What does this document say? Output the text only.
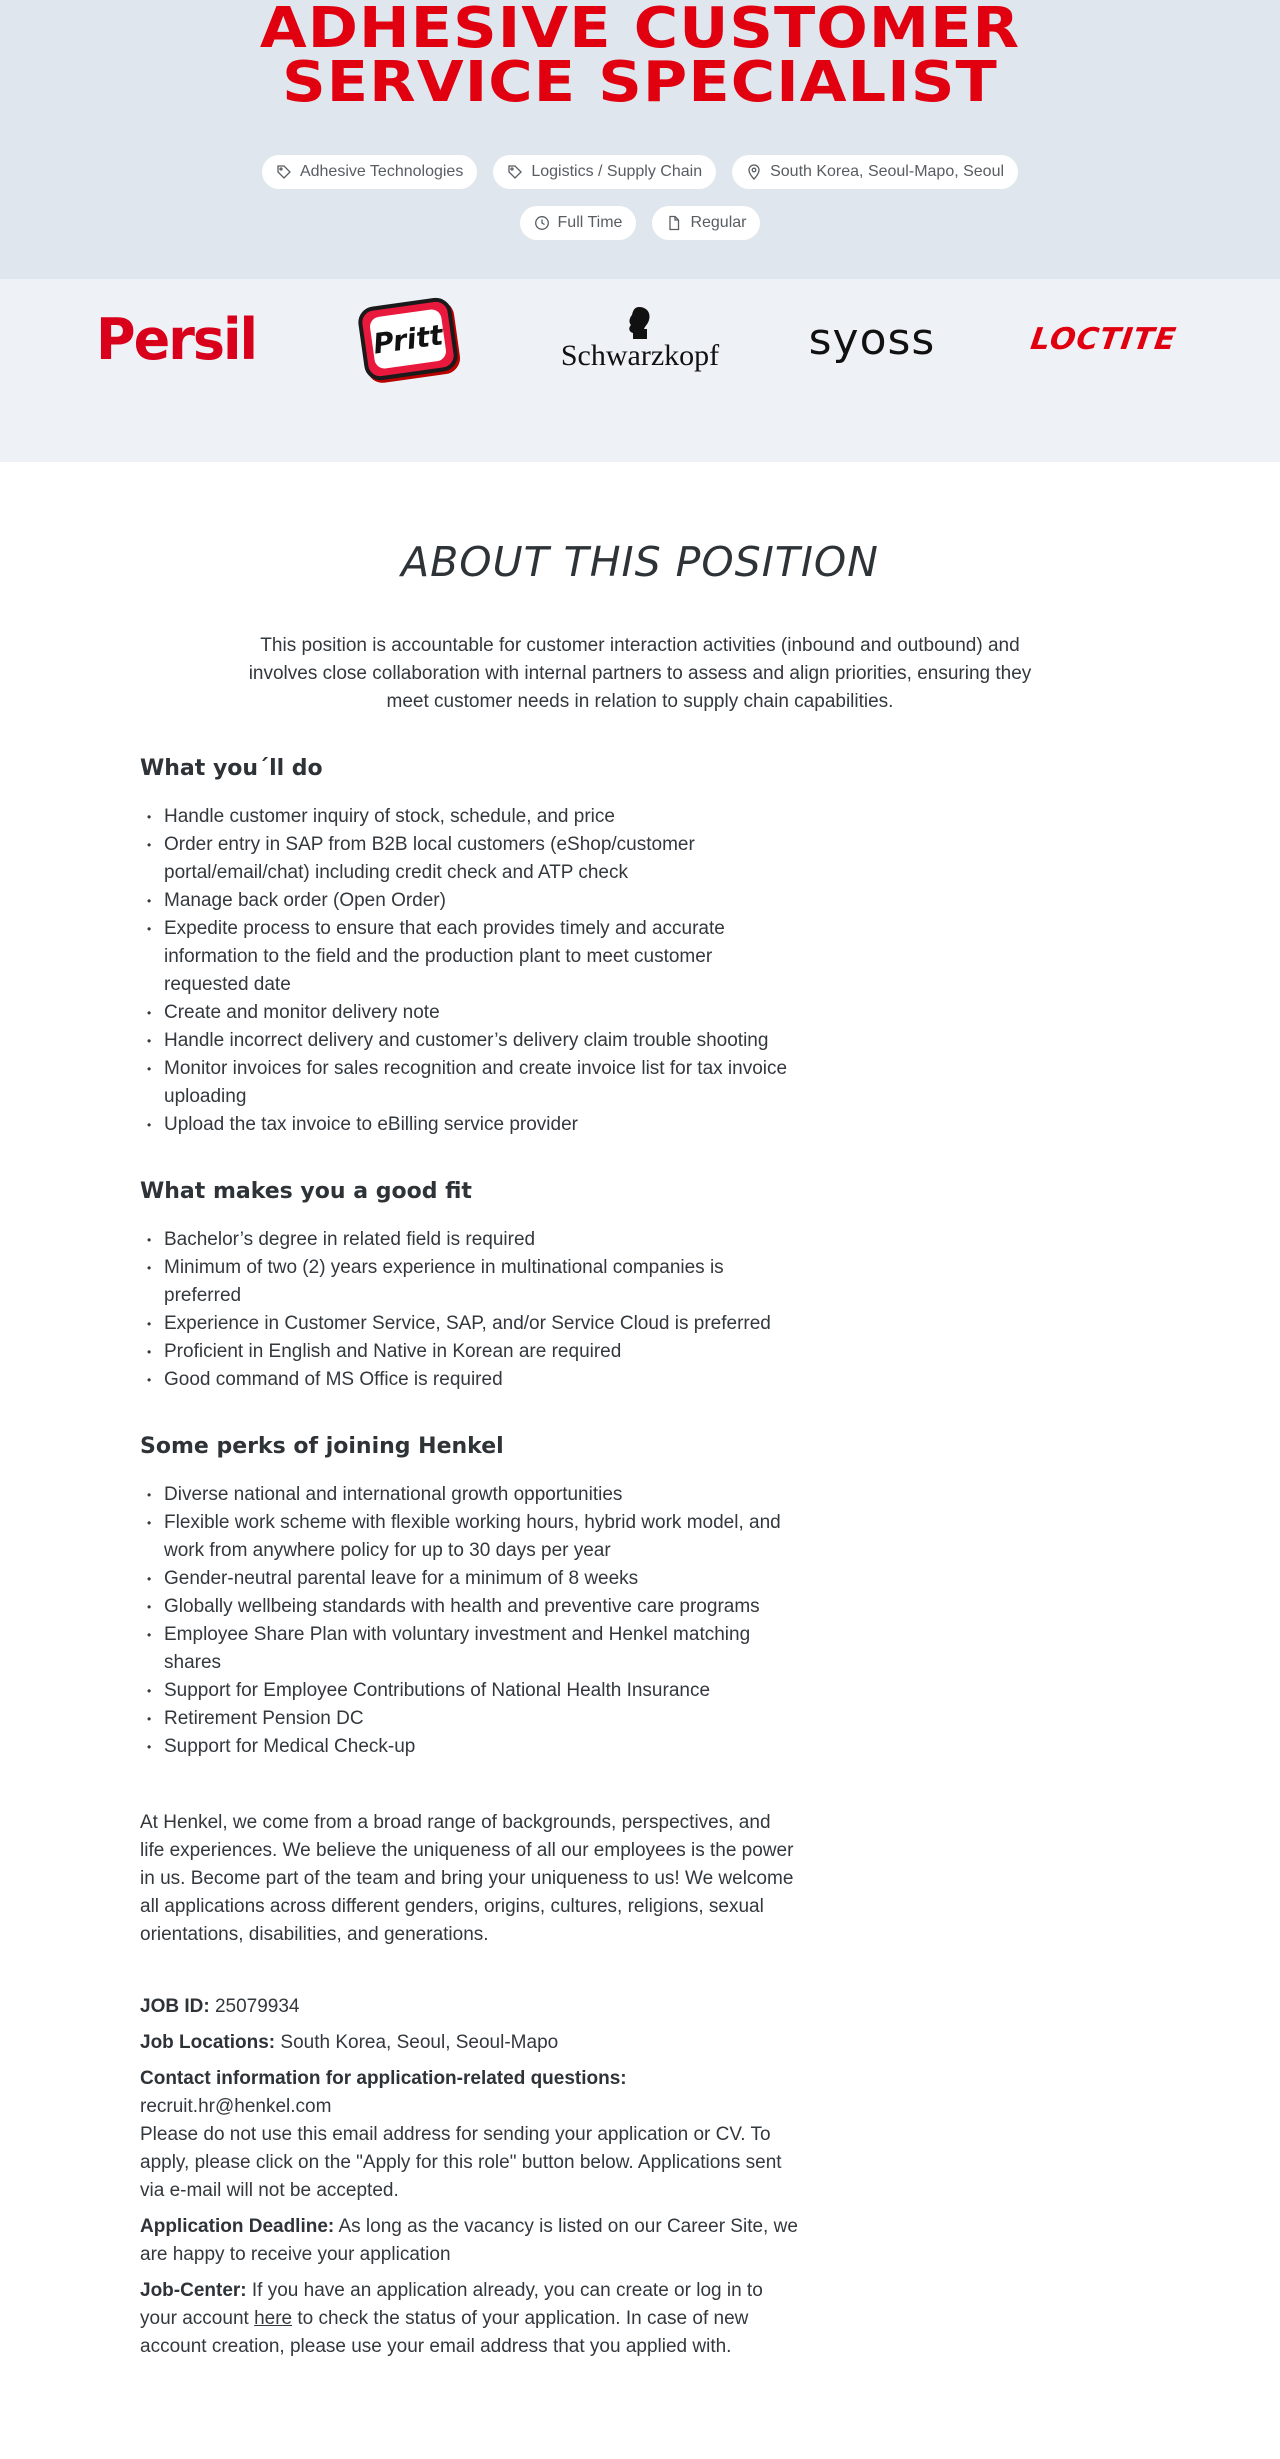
ADHESIVE CUSTOMER
SERVICE SPECIALIST
Adhesive Technologies	Logistics / Supply Chain	South Korea, Seoul-Mapo, Seoul
Full Time	Regular
Persil	Pritt	Schwarzkopf syoss	LOCTITE
ABOUT THIS POSITION

This position is accountable for customer interaction activities (inbound and outbound) and involves close collaboration with internal partners to assess and align priorities, ensuring they meet customer needs in relation to supply chain capabilities.

What you´ll do
• Handle customer inquiry of stock, schedule, and price
• Order entry in SAP from B2B local customers (eShop/customer portal/email/chat) including credit check and ATP check
• Manage back order (Open Order)
• Expedite process to ensure that each provides timely and accurate information to the field and the production plant to meet customer requested date
• Create and monitor delivery note
• Handle incorrect delivery and customer’s delivery claim trouble shooting
• Monitor invoices for sales recognition and create invoice list for tax invoice uploading
• Upload the tax invoice to eBilling service provider
What makes you a good fit
• Bachelor’s degree in related field is required
• Minimum of two (2) years experience in multinational companies is preferred
• Experience in Customer Service, SAP, and/or Service Cloud is preferred
• Proficient in English and Native in Korean are required
• Good command of MS Office is required
Some perks of joining Henkel
• Diverse national and international growth opportunities
• Flexible work scheme with flexible working hours, hybrid work model, and work from anywhere policy for up to 30 days per year
• Gender-neutral parental leave for a minimum of 8 weeks
• Globally wellbeing standards with health and preventive care programs
• Employee Share Plan with voluntary investment and Henkel matching shares
• Support for Employee Contributions of National Health Insurance
• Retirement Pension DC
• Support for Medical Check-up

At Henkel, we come from a broad range of backgrounds, perspectives, and life experiences. We believe the uniqueness of all our employees is the power in us. Become part of the team and bring your uniqueness to us! We welcome all applications across different genders, origins, cultures, religions, sexual orientations, disabilities, and generations.

JOB ID: 25079934

Job Locations: South Korea, Seoul, Seoul-Mapo

Contact information for application-related questions:
recruit.hr@henkel.com
Please do not use this email address for sending your application or CV. To apply, please click on the "Apply for this role" button below. Applications sent via e-mail will not be accepted.

Application Deadline: As long as the vacancy is listed on our Career Site, we are happy to receive your application

Job-Center: If you have an application already, you can create or log in to your account here to check the status of your application. In case of new account creation, please use your email address that you applied with.
